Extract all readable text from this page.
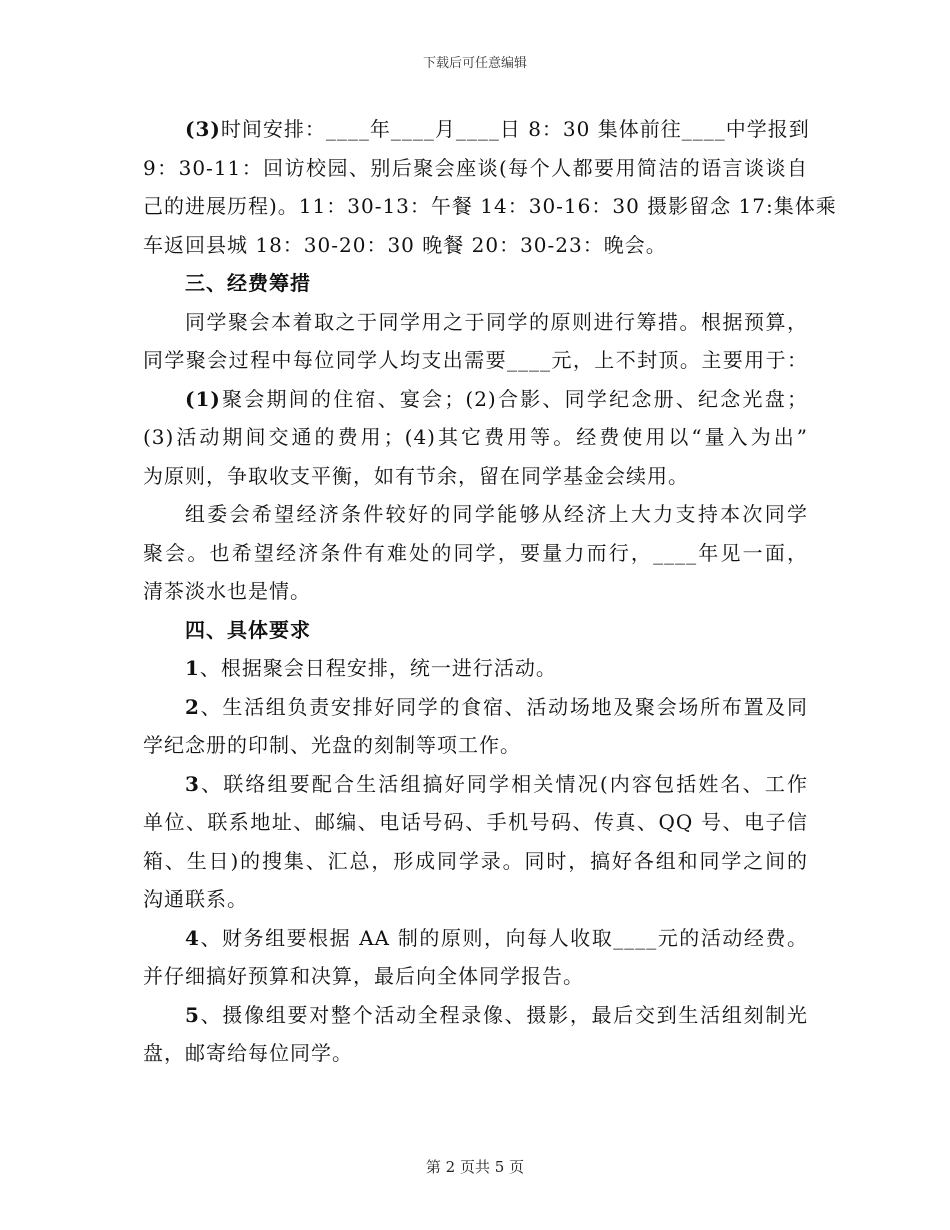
下载后可任意编辑
(3)时间安排：____年____月____日 8：30 集体前往____中学报到
9：30-11：回访校园、别后聚会座谈(每个人都要用简洁的语言谈谈自
己的进展历程)。11：30-13：午餐 14：30-16：30 摄影留念 17:集体乘
车返回县城 18：30-20：30 晚餐 20：30-23：晚会。
三、经费筹措
同学聚会本着取之于同学用之于同学的原则进行筹措。根据预算，
同学聚会过程中每位同学人均支出需要____元，上不封顶。主要用于：
(1)聚会期间的住宿、宴会；(2)合影、同学纪念册、纪念光盘；
(3)活动期间交通的费用；(4)其它费用等。经费使用以“量入为出”
为原则，争取收支平衡，如有节余，留在同学基金会续用。
组委会希望经济条件较好的同学能够从经济上大力支持本次同学
聚会。也希望经济条件有难处的同学，要量力而行，____年见一面，
清茶淡水也是情。
四、具体要求
1、根据聚会日程安排，统一进行活动。
2、生活组负责安排好同学的食宿、活动场地及聚会场所布置及同
学纪念册的印制、光盘的刻制等项工作。
3、联络组要配合生活组搞好同学相关情况(内容包括姓名、工作
单位、联系地址、邮编、电话号码、手机号码、传真、QQ 号、电子信
箱、生日)的搜集、汇总，形成同学录。同时，搞好各组和同学之间的
沟通联系。
4、财务组要根据 AA 制的原则，向每人收取____元的活动经费。
并仔细搞好预算和决算，最后向全体同学报告。
5、摄像组要对整个活动全程录像、摄影，最后交到生活组刻制光
盘，邮寄给每位同学。
第 2 页共 5 页
